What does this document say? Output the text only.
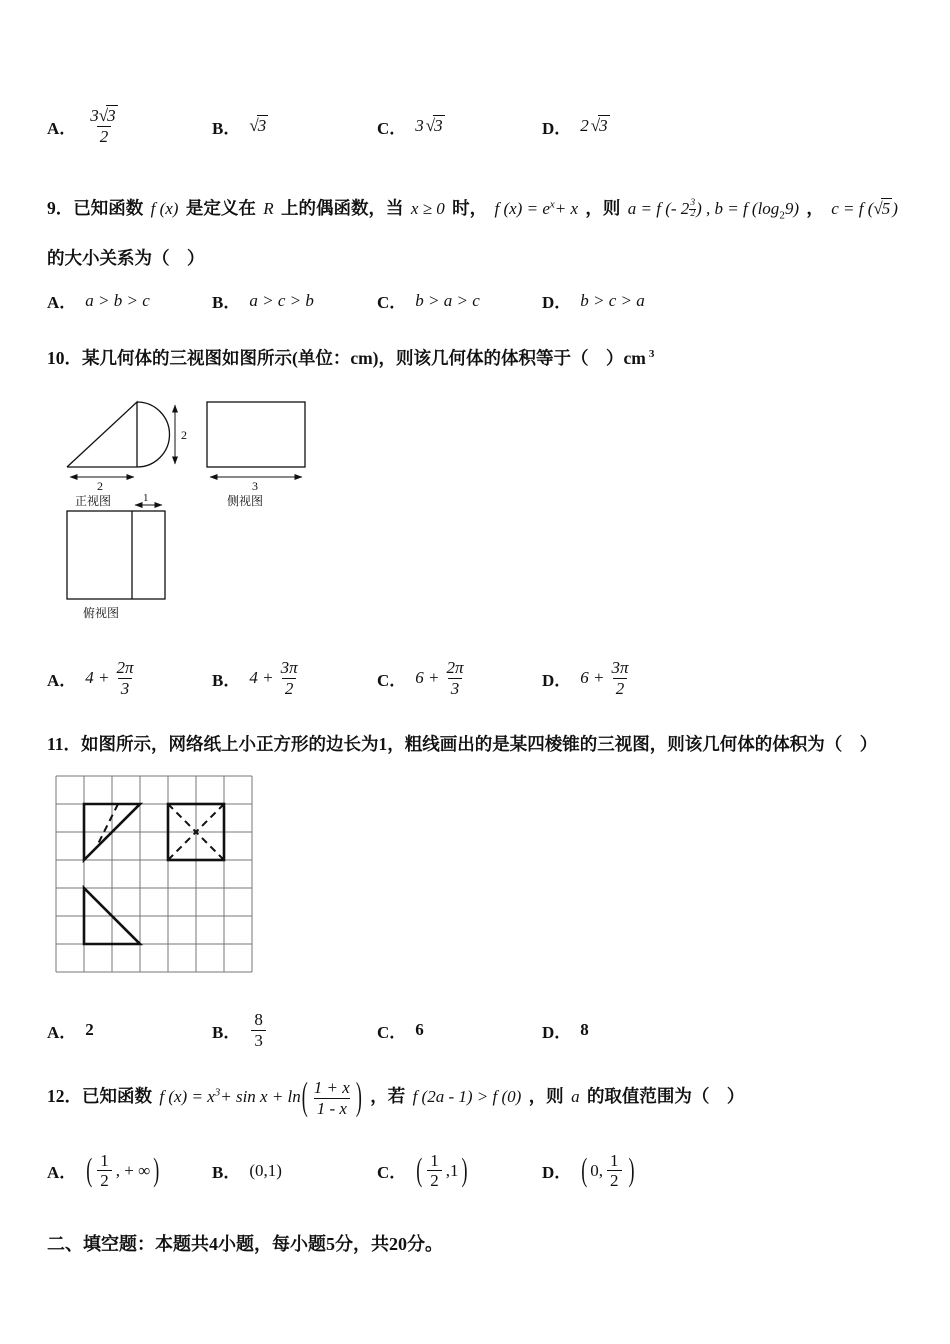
A． $\frac{3√3}{2}$	B． √3	C． 3 √3	D． 2 √3

9．已知函数 f (x) 是定义在 R 上的偶函数，当 x ≥ 0 时， f $(x) = e^x+ x$ ，则 a = f (- 2 $^{\frac{3}{2}}$ ) , b = f $(\log_29)$ ， c = f (√5 )

的大小关系为（　）

A． a > b > c	B． a > c > b	C． b > a > c	D． b > c > a

10．某几何体的三视图如图所示(单位：cm)，则该几何体的体积等于（　）cm $^3$

2
2
3
1
正视图	侧视图
俯视图
A． $4 + \frac{2\pi}{3}$	B． $4 + \frac{3\pi}{2}$	C． $6 + \frac{2\pi}{3}$	D． $6 + \frac{3\pi}{2}$

11．如图所示，网络纸上小正方形的边长为1，粗线画出的是某四棱锥的三视图，则该几何体的体积为（　）

A． 2	B． $\frac{8}{3}$	C． 6	D． 8

12．已知函数 f $(x) = x^3+ \sin x + \ln( \frac{1 + x}{1 - x}$ ) ，若 f (2a - 1) > f (0) ，则 a 的取值范围为（　）

A． ( $\frac{1}{2}$ , + ∞ )	B． (0,1)	C． ( $\frac{1}{2} ,1$ )	D． ( 0, $\frac{1}{2}$ )

二、填空题：本题共4小题，每小题5分，共20分。
